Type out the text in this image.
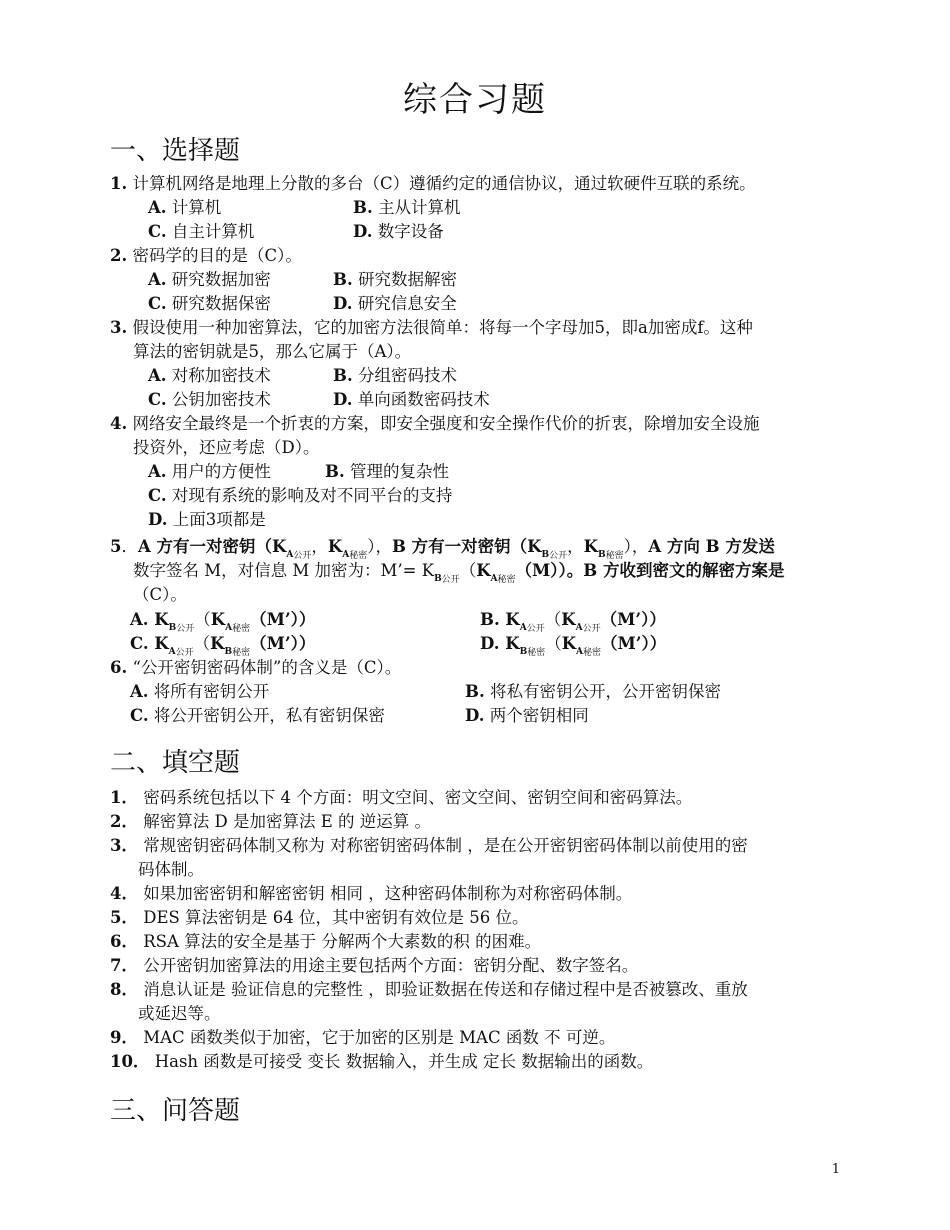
综合习题
一、选择题
1. 计算机网络是地理上分散的多台（C）遵循约定的通信协议，通过软硬件互联的系统。
A. 计算机	B. 主从计算机
C. 自主计算机	D. 数字设备
2. 密码学的目的是（C）。
A. 研究数据加密	B. 研究数据解密
C. 研究数据保密	D. 研究信息安全
3. 假设使用一种加密算法，它的加密方法很简单：将每一个字母加5，即a加密成f。这种
算法的密钥就是5，那么它属于（A）。
A. 对称加密技术	B. 分组密码技术
C. 公钥加密技术	D. 单向函数密码技术
4. 网络安全最终是一个折衷的方案，即安全强度和安全操作代价的折衷，除增加安全设施
投资外，还应考虑（D）。
A. 用户的方便性	B. 管理的复杂性
C. 对现有系统的影响及对不同平台的支持
D. 上面3项都是
5．A 方有一对密钥（$K_{A公开}$，$K_{A秘密}$），B 方有一对密钥（$K_{B公开}$，$K_{B秘密}$），A 方向 B 方发送
数字签名 M，对信息 M 加密为：M’= $K_{B公开}(K_{A秘密}(M))$。B 方收到密文的解密方案是
（C）。
A. $K_{B公开}(K_{A秘密}(M’))$	B. $K_{A公开}(K_{A公开}(M’))$
C. $K_{A公开}(K_{B秘密}(M’))$	D. $K_{B秘密}(K_{A秘密}(M’))$
6. “公开密钥密码体制”的含义是（C）。
A. 将所有密钥公开	B. 将私有密钥公开，公开密钥保密
C. 将公开密钥公开，私有密钥保密	D. 两个密钥相同
二、填空题
1． 密码系统包括以下 4 个方面：明文空间、密文空间、密钥空间和密码算法。
2． 解密算法 D 是加密算法 E 的 逆运算 。
3． 常规密钥密码体制又称为 对称密钥密码体制 ，是在公开密钥密码体制以前使用的密
码体制。
4． 如果加密密钥和解密密钥 相同 ，这种密码体制称为对称密码体制。
5． DES 算法密钥是 64 位，其中密钥有效位是 56 位。
6． RSA 算法的安全是基于 分解两个大素数的积 的困难。
7． 公开密钥加密算法的用途主要包括两个方面：密钥分配、数字签名。
8． 消息认证是 验证信息的完整性 ，即验证数据在传送和存储过程中是否被篡改、重放
或延迟等。
9． MAC 函数类似于加密，它于加密的区别是 MAC 函数 不 可逆。
10． Hash 函数是可接受 变长 数据输入，并生成 定长 数据输出的函数。
三、问答题
1
